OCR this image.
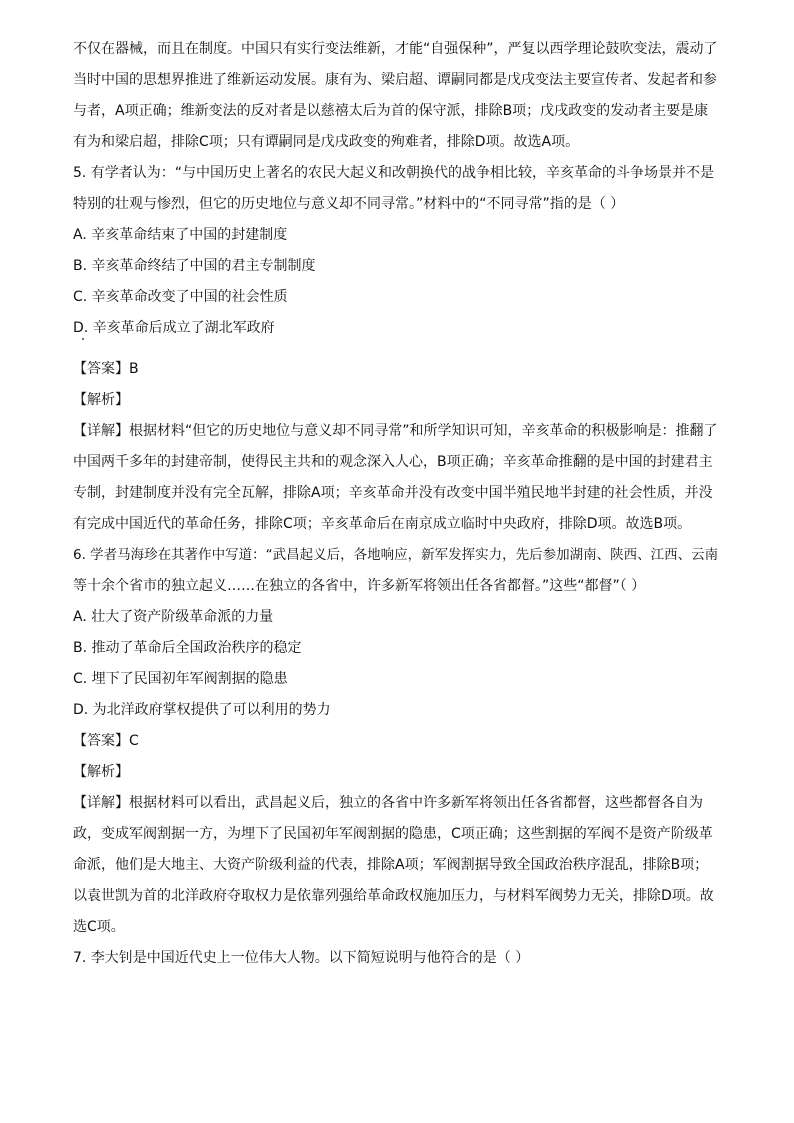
不仅在器械，而且在制度。中国只有实行变法维新，才能“自强保种”，严复以西学理论鼓吹变法，震动了
当时中国的思想界推进了维新运动发展。康有为、梁启超、谭嗣同都是戊戌变法主要宣传者、发起者和参
与者，A项正确；维新变法的反对者是以慈禧太后为首的保守派，排除B项；戊戌政变的发动者主要是康
有为和梁启超，排除C项；只有谭嗣同是戊戌政变的殉难者，排除D项。故选A项。
5. 有学者认为：“与中国历史上著名的农民大起义和改朝换代的战争相比较，辛亥革命的斗争场景并不是
特别的壮观与惨烈，但它的历史地位与意义却不同寻常。”材料中的“不同寻常”指的是（ ）
A. 辛亥革命结束了中国的封建制度
B. 辛亥革命终结了中国的君主专制制度
C. 辛亥革命改变了中国的社会性质
D. 辛亥革命后成立了湖北军政府
【答案】B
【解析】
【详解】根据材料“但它的历史地位与意义却不同寻常”和所学知识可知，辛亥革命的积极影响是：推翻了
中国两千多年的封建帝制，使得民主共和的观念深入人心，B项正确；辛亥革命推翻的是中国的封建君主
专制，封建制度并没有完全瓦解，排除A项；辛亥革命并没有改变中国半殖民地半封建的社会性质，并没
有完成中国近代的革命任务，排除C项；辛亥革命后在南京成立临时中央政府，排除D项。故选B项。
6. 学者马海珍在其著作中写道：“武昌起义后，各地响应，新军发挥实力，先后参加湖南、陕西、江西、云南
等十余个省市的独立起义……在独立的各省中，许多新军将领出任各省都督。”这些“都督”（ ）
A. 壮大了资产阶级革命派的力量
B. 推动了革命后全国政治秩序的稳定
C. 埋下了民国初年军阀割据的隐患
D. 为北洋政府掌权提供了可以利用的势力
【答案】C
【解析】
【详解】根据材料可以看出，武昌起义后，独立的各省中许多新军将领出任各省都督，这些都督各自为
政，变成军阀割据一方，为埋下了民国初年军阀割据的隐患，C项正确；这些割据的军阀不是资产阶级革
命派，他们是大地主、大资产阶级利益的代表，排除A项；军阀割据导致全国政治秩序混乱，排除B项；
以袁世凯为首的北洋政府夺取权力是依靠列强给革命政权施加压力，与材料军阀势力无关，排除D项。故
选C项。
7. 李大钊是中国近代史上一位伟大人物。以下简短说明与他符合的是（ ）
